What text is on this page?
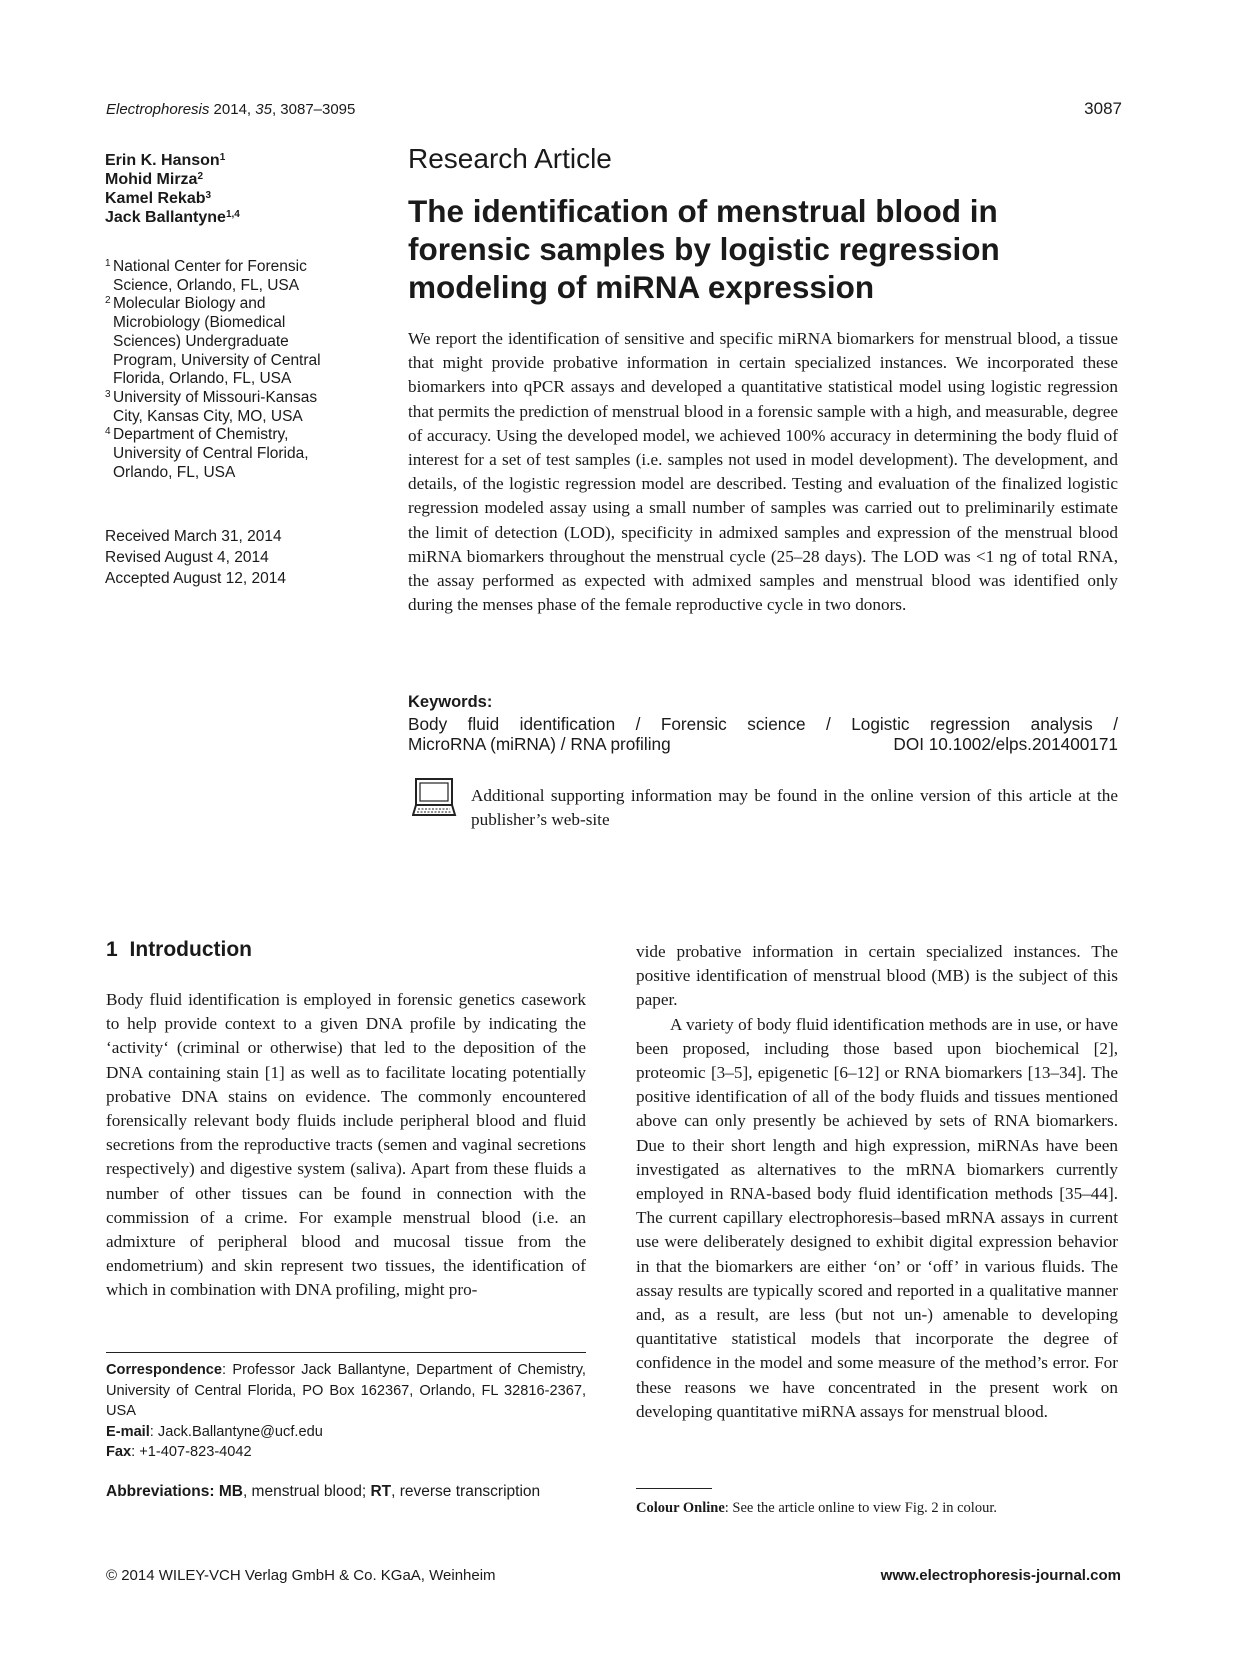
Electrophoresis 2014, 35, 3087–3095	3087
Erin K. Hanson$^1$
Mohid Mirza$^2$
Kamel Rekab$^3$
Jack Ballantyne$^{1,4}$
1 National Center for Forensic
Science, Orlando, FL, USA
2 Molecular Biology and
Microbiology (Biomedical
Sciences) Undergraduate
Program, University of Central
Florida, Orlando, FL, USA
3 University of Missouri-Kansas
City, Kansas City, MO, USA
4 Department of Chemistry,
University of Central Florida,
Orlando, FL, USA
Received March 31, 2014
Revised August 4, 2014
Accepted August 12, 2014
Research Article
The identification of menstrual blood in
forensic samples by logistic regression
modeling of miRNA expression

We report the identification of sensitive and specific miRNA biomarkers for menstrual blood, a tissue that might provide probative information in certain specialized instances. We incorporated these biomarkers into qPCR assays and developed a quantitative statistical model using logistic regression that permits the prediction of menstrual blood in a forensic sample with a high, and measurable, degree of accuracy. Using the developed model, we achieved 100% accuracy in determining the body fluid of interest for a set of test samples (i.e. samples not used in model development). The development, and details, of the logistic regression model are described. Testing and evaluation of the finalized logistic regression modeled assay using a small number of samples was carried out to preliminarily estimate the limit of detection (LOD), specificity in admixed samples and expression of the menstrual blood miRNA biomarkers throughout the menstrual cycle (25–28 days). The LOD was <1 ng of total RNA, the assay performed as expected with admixed samples and menstrual blood was identified only during the menses phase of the female reproductive cycle in two donors.

Keywords:
Body fluid identification / Forensic science / Logistic regression analysis /
MicroRNA (miRNA) / RNA profiling	DOI 10.1002/elps.201400171

Additional supporting information may be found in the online version of this article at the publisher’s web-site

1 Introduction

Body fluid identification is employed in forensic genetics casework to help provide context to a given DNA profile by indicating the ‘activity‘ (criminal or otherwise) that led to the deposition of the DNA containing stain [1] as well as to facilitate locating potentially probative DNA stains on evidence. The commonly encountered forensically relevant body fluids include peripheral blood and fluid secretions from the reproductive tracts (semen and vaginal secretions respectively) and digestive system (saliva). Apart from these fluids a number of other tissues can be found in connection with the commission of a crime. For example menstrual blood (i.e. an admixture of peripheral blood and mucosal tissue from the endometrium) and skin represent two tissues, the identification of which in combination with DNA profiling, might pro-

vide probative information in certain specialized instances. The positive identification of menstrual blood (MB) is the subject of this paper.

A variety of body fluid identification methods are in use, or have been proposed, including those based upon biochemical [2], proteomic [3–5], epigenetic [6–12] or RNA biomarkers [13–34]. The positive identification of all of the body fluids and tissues mentioned above can only presently be achieved by sets of RNA biomarkers. Due to their short length and high expression, miRNAs have been investigated as alternatives to the mRNA biomarkers currently employed in RNA-based body fluid identification methods [35–44]. The current capillary electrophoresis–based mRNA assays in current use were deliberately designed to exhibit digital expression behavior in that the biomarkers are either ‘on’ or ‘off’ in various fluids. The assay results are typically scored and reported in a qualitative manner and, as a result, are less (but not un-) amenable to developing quantitative statistical models that incorporate the degree of confidence in the model and some measure of the method’s error. For these reasons we have concentrated in the present work on developing quantitative miRNA assays for menstrual blood.

Correspondence: Professor Jack Ballantyne, Department of Chemistry, University of Central Florida, PO Box 162367, Orlando, FL 32816-2367, USA
E-mail: Jack.Ballantyne@ucf.edu
Fax: +1-407-823-4042
Abbreviations: MB, menstrual blood; RT, reverse transcription
Colour Online: See the article online to view Fig. 2 in colour.
© 2014 WILEY-VCH Verlag GmbH & Co. KGaA, Weinheim	www.electrophoresis-journal.com
